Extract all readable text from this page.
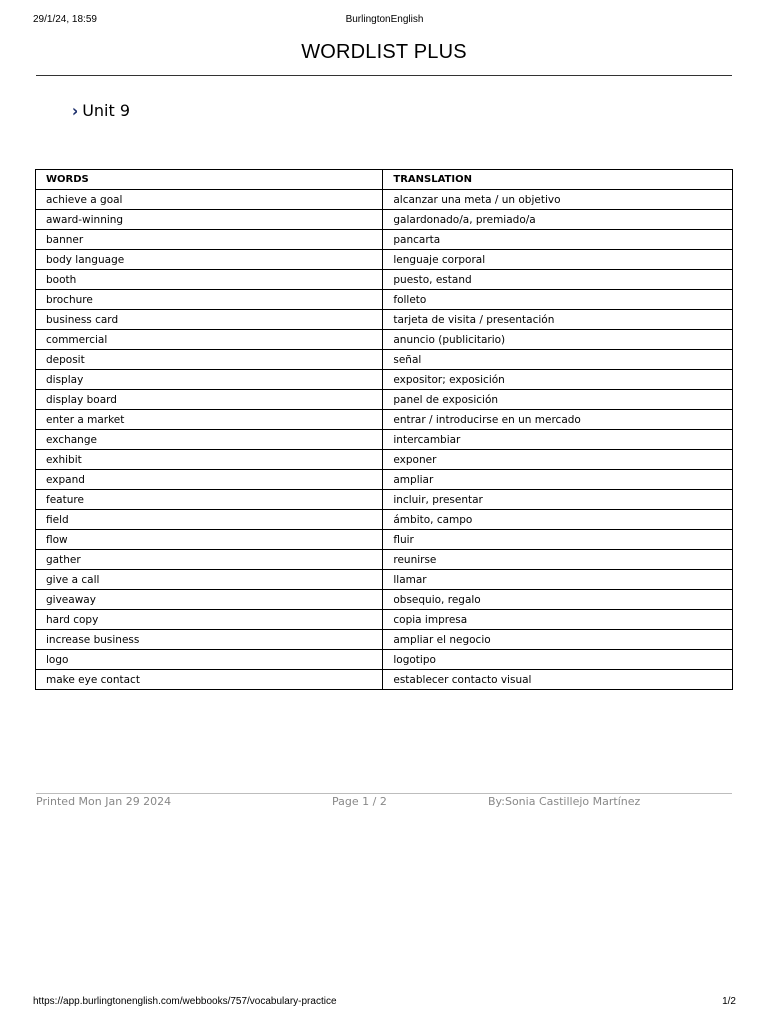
29/1/24, 18:59	BurlingtonEnglish
WORDLIST PLUS
› Unit 9
WORDS	TRANSLATION
achieve a goal	alcanzar una meta / un objetivo
award-winning	galardonado/a, premiado/a
banner	pancarta
body language	lenguaje corporal
booth	puesto, estand
brochure	folleto
business card	tarjeta de visita / presentación
commercial	anuncio (publicitario)
deposit	señal
display	expositor; exposición
display board	panel de exposición
enter a market	entrar / introducirse en un mercado
exchange	intercambiar
exhibit	exponer
expand	ampliar
feature	incluir, presentar
field	ámbito, campo
flow	fluir
gather	reunirse
give a call	llamar
giveaway	obsequio, regalo
hard copy	copia impresa
increase business	ampliar el negocio
logo	logotipo
make eye contact	establecer contacto visual
Printed Mon Jan 29 2024	Page 1 / 2	By:Sonia Castillejo Martínez
https://app.burlingtonenglish.com/webbooks/757/vocabulary-practice	1/2
